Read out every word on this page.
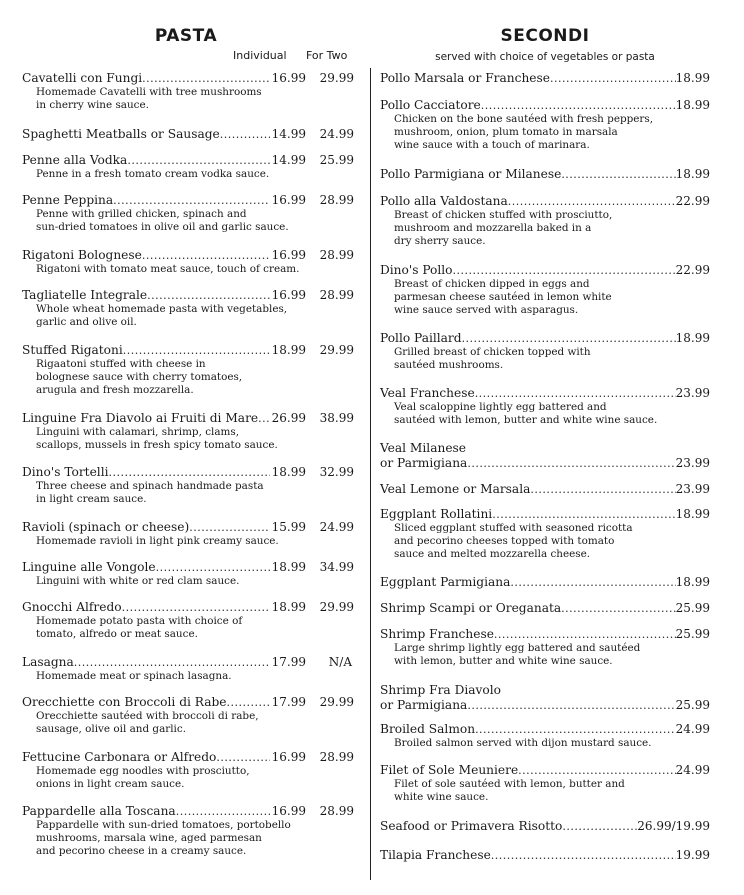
PASTA
Individual For Two
Cavatelli con Fungi .....	16.99 29.99
Homemade Cavatelli with tree mushrooms
in cherry wine sauce.
Spaghetti Meatballs or Sausage .....	14.99 24.99
Penne alla Vodka .....	14.99 25.99
Penne in a fresh tomato cream vodka sauce.
Penne Peppina .....	16.99 28.99
Penne with grilled chicken, spinach and
sun-dried tomatoes in olive oil and garlic sauce.
Rigatoni Bolognese .....	16.99 28.99
Rigatoni with tomato meat sauce, touch of cream.
Tagliatelle Integrale .....	16.99 28.99
Whole wheat homemade pasta with vegetables,
garlic and olive oil.
Stuffed Rigatoni .....	18.99 29.99
Rigaatoni stuffed with cheese in
bolognese sauce with cherry tomatoes,
arugula and fresh mozzarella.
Linguine Fra Diavolo ai Fruiti di Mare ..... 26.99 38.99
Linguini with calamari, shrimp, clams,
scallops, mussels in fresh spicy tomato sauce.
Dino's Tortelli .....	18.99 32.99
Three cheese and spinach handmade pasta
in light cream sauce.
Ravioli (spinach or cheese) .....	15.99 24.99
Homemade ravioli in light pink creamy sauce.
Linguine alle Vongole .....	18.99 34.99
Linguini with white or red clam sauce.
Gnocchi Alfredo .....	18.99 29.99
Homemade potato pasta with choice of
tomato, alfredo or meat sauce.
Lasagna .....	17.99 N/A
Homemade meat or spinach lasagna.
Orecchiette con Broccoli di Rabe .....	17.99 29.99
Orecchiette sautéed with broccoli di rabe,
sausage, olive oil and garlic.
Fettucine Carbonara or Alfredo .....	16.99 28.99
Homemade egg noodles with prosciutto,
onions in light cream sauce.
Pappardelle alla Toscana .....	16.99 28.99
Pappardelle with sun-dried tomatoes, portobello
mushrooms, marsala wine, aged parmesan
and pecorino cheese in a creamy sauce.
SECONDI
served with choice of vegetables or pasta
Pollo Marsala or Franchese .....	18.99
Pollo Cacciatore .....	18.99
Chicken on the bone sautéed with fresh peppers,
mushroom, onion, plum tomato in marsala
wine sauce with a touch of marinara.
Pollo Parmigiana or Milanese .....	18.99
Pollo alla Valdostana .....	22.99
Breast of chicken stuffed with prosciutto,
mushroom and mozzarella baked in a
dry sherry sauce.
Dino's Pollo .....	22.99
Breast of chicken dipped in eggs and
parmesan cheese sautéed in lemon white
wine sauce served with asparagus.
Pollo Paillard .....	18.99
Grilled breast of chicken topped with
sautéed mushrooms.
Veal Franchese .....	23.99
Veal scaloppine lightly egg battered and
sautéed with lemon, butter and white wine sauce.
Veal Milanese
or Parmigiana .....	23.99
Veal Lemone or Marsala .....	23.99
Eggplant Rollatini .....	18.99
Sliced eggplant stuffed with seasoned ricotta
and pecorino cheeses topped with tomato
sauce and melted mozzarella cheese.
Eggplant Parmigiana .....	18.99
Shrimp Scampi or Oreganata .....	25.99
Shrimp Franchese .....	25.99
Large shrimp lightly egg battered and sautéed
with lemon, butter and white wine sauce.
Shrimp Fra Diavolo
or Parmigiana .....	25.99
Broiled Salmon .....	24.99
Broiled salmon served with dijon mustard sauce.
Filet of Sole Meuniere .....	24.99
Filet of sole sautéed with lemon, butter and
white wine sauce.
Seafood or Primavera Risotto .....	26.99/19.99
Tilapia Franchese .....	19.99
